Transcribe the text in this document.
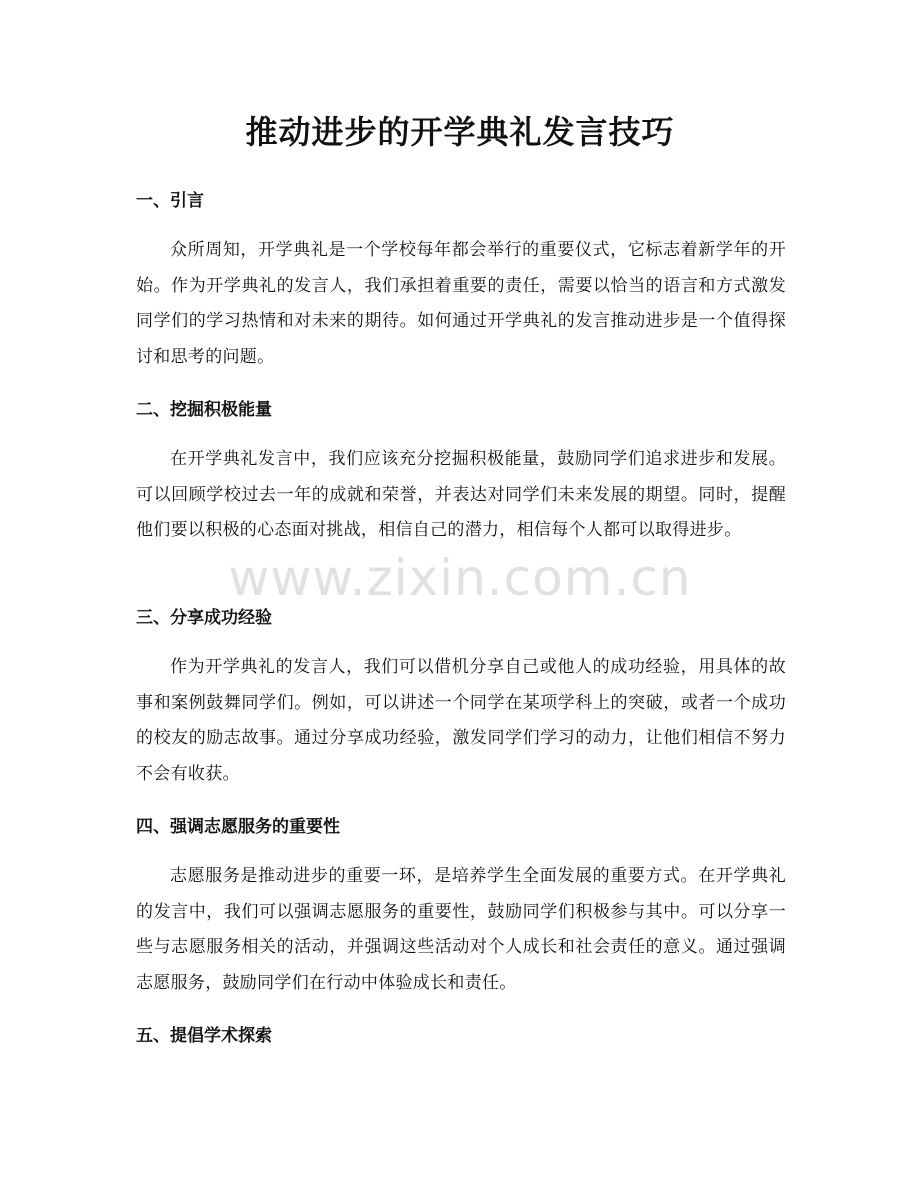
推动进步的开学典礼发言技巧
一、引言

众所周知，开学典礼是一个学校每年都会举行的重要仪式，它标志着新学年的开始。作为开学典礼的发言人，我们承担着重要的责任，需要以恰当的语言和方式激发同学们的学习热情和对未来的期待。如何通过开学典礼的发言推动进步是一个值得探讨和思考的问题。

二、挖掘积极能量

在开学典礼发言中，我们应该充分挖掘积极能量，鼓励同学们追求进步和发展。可以回顾学校过去一年的成就和荣誉，并表达对同学们未来发展的期望。同时，提醒他们要以积极的心态面对挑战，相信自己的潜力，相信每个人都可以取得进步。

三、分享成功经验

作为开学典礼的发言人，我们可以借机分享自己或他人的成功经验，用具体的故事和案例鼓舞同学们。例如，可以讲述一个同学在某项学科上的突破，或者一个成功的校友的励志故事。通过分享成功经验，激发同学们学习的动力，让他们相信不努力不会有收获。

四、强调志愿服务的重要性

志愿服务是推动进步的重要一环，是培养学生全面发展的重要方式。在开学典礼的发言中，我们可以强调志愿服务的重要性，鼓励同学们积极参与其中。可以分享一些与志愿服务相关的活动，并强调这些活动对个人成长和社会责任的意义。通过强调志愿服务，鼓励同学们在行动中体验成长和责任。

五、提倡学术探索
www.zixin.com.cn
